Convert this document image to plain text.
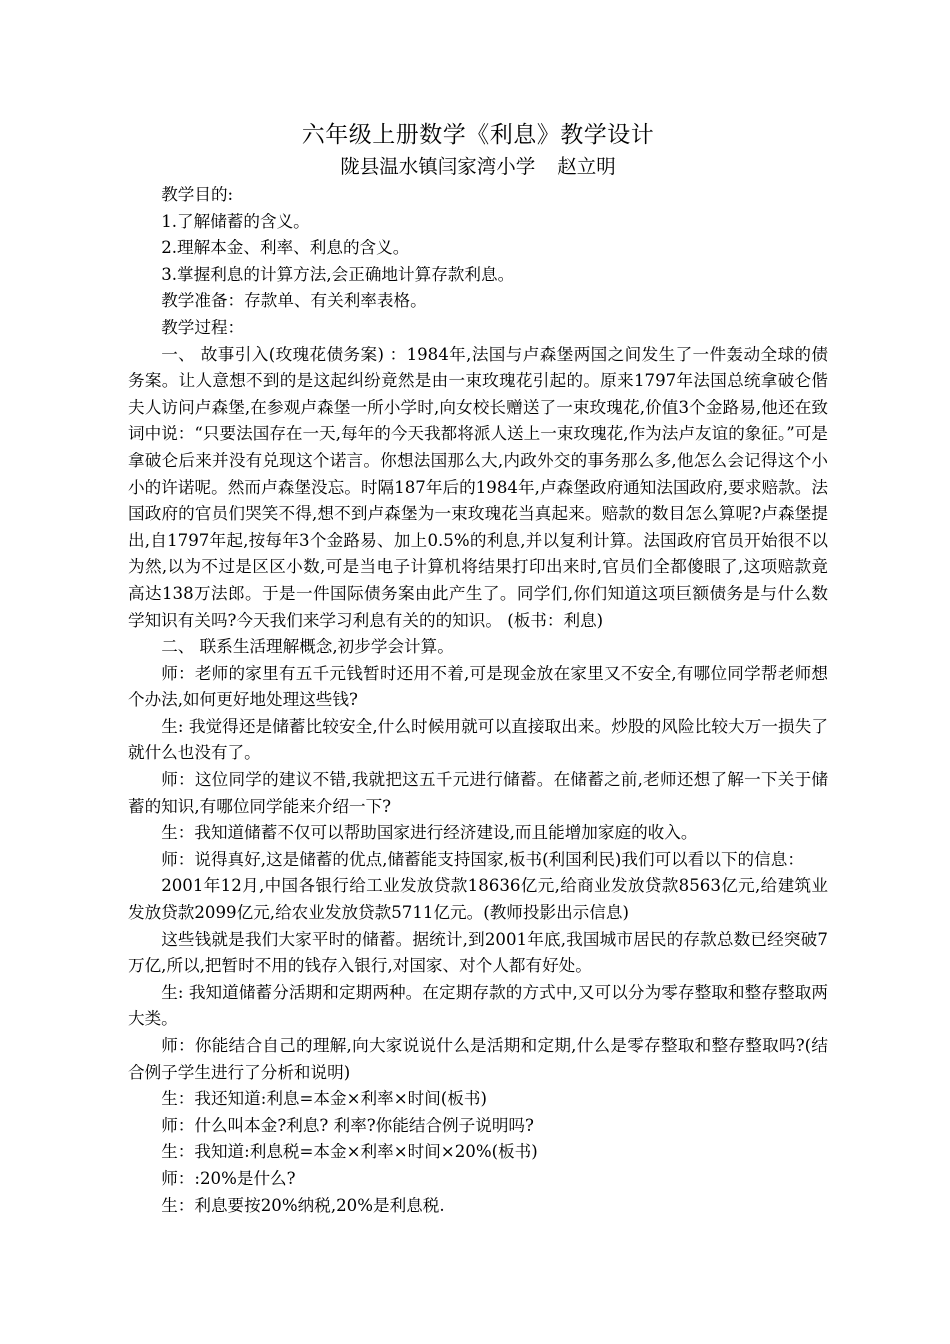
六年级上册数学《利息》教学设计
陇县温水镇闫家湾小学 赵立明

教学目的:

1.了解储蓄的含义。

2.理解本金、利率、利息的含义。

3.掌握利息的计算方法,会正确地计算存款利息。

教学准备：存款单、有关利率表格。

教学过程：

一、 故事引入(玫瑰花债务案) ：1984年,法国与卢森堡两国之间发生了一件轰动全球的债务案。让人意想不到的是这起纠纷竟然是由一束玫瑰花引起的。原来1797年法国总统拿破仑偕夫人访问卢森堡,在参观卢森堡一所小学时,向女校长赠送了一束玫瑰花,价值3个金路易,他还在致词中说：“只要法国存在一天,每年的今天我都将派人送上一束玫瑰花,作为法卢友谊的象征。”可是拿破仑后来并没有兑现这个诺言。你想法国那么大,内政外交的事务那么多,他怎么会记得这个小小的许诺呢。然而卢森堡没忘。时隔187年后的1984年,卢森堡政府通知法国政府,要求赔款。法国政府的官员们哭笑不得,想不到卢森堡为一束玫瑰花当真起来。赔款的数目怎么算呢?卢森堡提出,自1797年起,按每年3个金路易、加上0.5%的利息,并以复利计算。法国政府官员开始很不以为然,以为不过是区区小数,可是当电子计算机将结果打印出来时,官员们全都傻眼了,这项赔款竟高达138万法郎。于是一件国际债务案由此产生了。同学们,你们知道这项巨额债务是与什么数学知识有关吗?今天我们来学习利息有关的的知识。 (板书：利息)

二、 联系生活理解概念,初步学会计算。

师：老师的家里有五千元钱暂时还用不着,可是现金放在家里又不安全,有哪位同学帮老师想个办法,如何更好地处理这些钱?

生: 我觉得还是储蓄比较安全,什么时候用就可以直接取出来。炒股的风险比较大万一损失了就什么也没有了。

师：这位同学的建议不错,我就把这五千元进行储蓄。在储蓄之前,老师还想了解一下关于储蓄的知识,有哪位同学能来介绍一下?

生：我知道储蓄不仅可以帮助国家进行经济建设,而且能增加家庭的收入。

师：说得真好,这是储蓄的优点,储蓄能支持国家,板书(利国利民)我们可以看以下的信息：

2001年12月,中国各银行给工业发放贷款18636亿元,给商业发放贷款8563亿元,给建筑业发放贷款2099亿元,给农业发放贷款5711亿元。(教师投影出示信息)

这些钱就是我们大家平时的储蓄。据统计,到2001年底,我国城市居民的存款总数已经突破7万亿,所以,把暂时不用的钱存入银行,对国家、对个人都有好处。

生: 我知道储蓄分活期和定期两种。在定期存款的方式中,又可以分为零存整取和整存整取两大类。

师：你能结合自己的理解,向大家说说什么是活期和定期,什么是零存整取和整存整取吗?(结合例子学生进行了分析和说明)

生：我还知道:利息=本金×利率×时间(板书)

师：什么叫本金?利息? 利率?你能结合例子说明吗?

生：我知道:利息税=本金×利率×时间×20%(板书)

师：:20%是什么?

生：利息要按20%纳税,20%是利息税.
